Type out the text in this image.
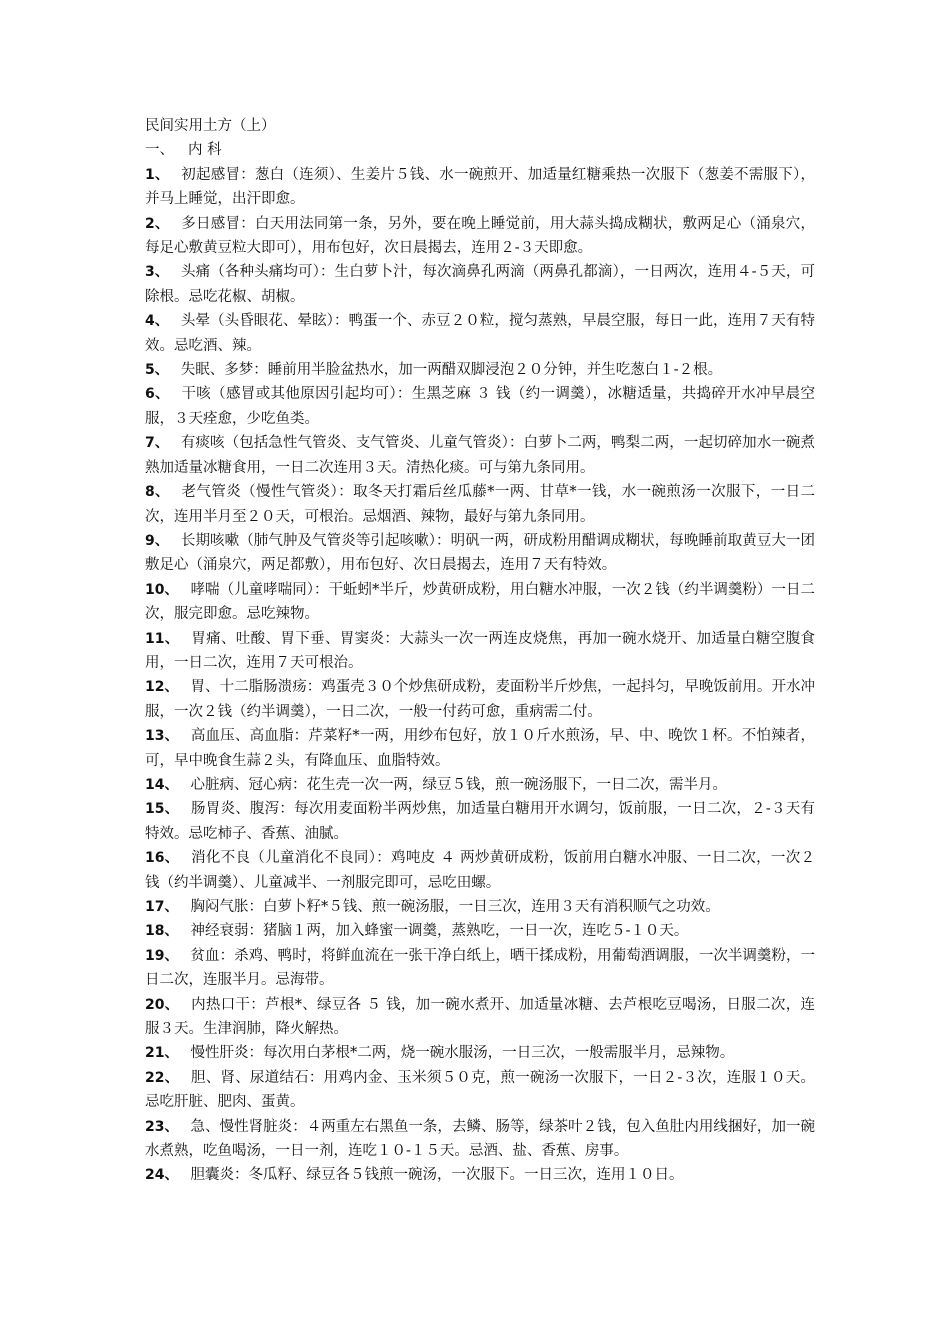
民间实用土方（上）

一、 内 科

1、 初起感冒：葱白（连须）、生姜片５钱、水一碗煎开、加适量红糖乘热一次服下（葱姜不需服下），并马上睡觉，出汗即愈。

2、 多日感冒：白天用法同第一条，另外，要在晚上睡觉前，用大蒜头捣成糊状，敷两足心（涌泉穴，每足心敷黄豆粒大即可），用布包好，次日晨揭去，连用２-３天即愈。

3、 头痛（各种头痛均可）：生白萝卜汁，每次滴鼻孔两滴（两鼻孔都滴），一日两次，连用４-５天，可除根。忌吃花椒、胡椒。

4、 头晕（头昏眼花、晕眩）：鸭蛋一个、赤豆２０粒，搅匀蒸熟，早晨空服，每日一此，连用７天有特效。忌吃酒、辣。

5、 失眠、多梦：睡前用半脸盆热水，加一两醋双脚浸泡２０分钟，并生吃葱白１-２根。

6、 干咳（感冒或其他原因引起均可）：生黑芝麻 ３ 钱（约一调羹），冰糖适量，共捣碎开水冲早晨空服，３天痊愈，少吃鱼类。

7、 有痰咳（包括急性气管炎、支气管炎、儿童气管炎）：白萝卜二两，鸭梨二两，一起切碎加水一碗煮熟加适量冰糖食用，一日二次连用３天。清热化痰。可与第九条同用。

8、 老气管炎（慢性气管炎）：取冬天打霜后丝瓜藤*一两、甘草*一钱，水一碗煎汤一次服下，一日二次，连用半月至２０天，可根治。忌烟酒、辣物，最好与第九条同用。

9、 长期咳嗽（肺气肿及气管炎等引起咳嗽）：明矾一两，研成粉用醋调成糊状，每晚睡前取黄豆大一团敷足心（涌泉穴，两足都敷），用布包好、次日晨揭去，连用７天有特效。

10、 哮喘（儿童哮喘同）：干蚯蚓*半斤，炒黄研成粉，用白糖水冲服，一次２钱（约半调羹粉）一日二次，服完即愈。忌吃辣物。

11、 胃痛、吐酸、胃下垂、胃窦炎：大蒜头一次一两连皮烧焦，再加一碗水烧开、加适量白糖空腹食用，一日二次，连用７天可根治。

12、 胃、十二脂肠溃疡：鸡蛋壳３０个炒焦研成粉，麦面粉半斤炒焦，一起抖匀，早晚饭前用。开水冲服，一次２钱（约半调羹），一日二次，一般一付药可愈，重病需二付。

13、 高血压、高血脂：芹菜籽*一两，用纱布包好，放１０斤水煎汤，早、中、晚饮１杯。不怕辣者，可，早中晚食生蒜２头，有降血压、血脂特效。

14、 心脏病、冠心病：花生壳一次一两，绿豆５钱，煎一碗汤服下，一日二次，需半月。

15、 肠胃炎、腹泻：每次用麦面粉半两炒焦，加适量白糖用开水调匀，饭前服，一日二次，２-３天有特效。忌吃柿子、香蕉、油腻。

16、 消化不良（儿童消化不良同）：鸡吨皮 ４ 两炒黄研成粉，饭前用白糖水冲服、一日二次，一次２钱（约半调羹）、儿童减半、一剂服完即可，忌吃田螺。

17、 胸闷气胀：白萝卜籽*５钱、煎一碗汤服，一日三次，连用３天有消积顺气之功效。

18、 神经衰弱：猪脑１两，加入蜂蜜一调羹，蒸熟吃，一日一次，连吃５-１０天。

19、 贫血：杀鸡、鸭时，将鲜血流在一张干净白纸上，晒干揉成粉，用葡萄酒调服，一次半调羹粉，一日二次，连服半月。忌海带。

20、 内热口干：芦根*、绿豆各 ５ 钱，加一碗水煮开、加适量冰糖、去芦根吃豆喝汤，日服二次，连服３天。生津润肺，降火解热。

21、 慢性肝炎：每次用白茅根*二两，烧一碗水服汤，一日三次，一般需服半月，忌辣物。

22、 胆、肾、尿道结石：用鸡内金、玉米须５０克，煎一碗汤一次服下，一日２-３次，连服１０天。忌吃肝脏、肥肉、蛋黄。

23、 急、慢性肾脏炎：４两重左右黑鱼一条，去鳞、肠等，绿茶叶２钱，包入鱼肚内用线捆好，加一碗水煮熟，吃鱼喝汤，一日一剂，连吃１０-１５天。忌酒、盐、香蕉、房事。

24、 胆囊炎：冬瓜籽、绿豆各５钱煎一碗汤，一次服下。一日三次，连用１０日。
